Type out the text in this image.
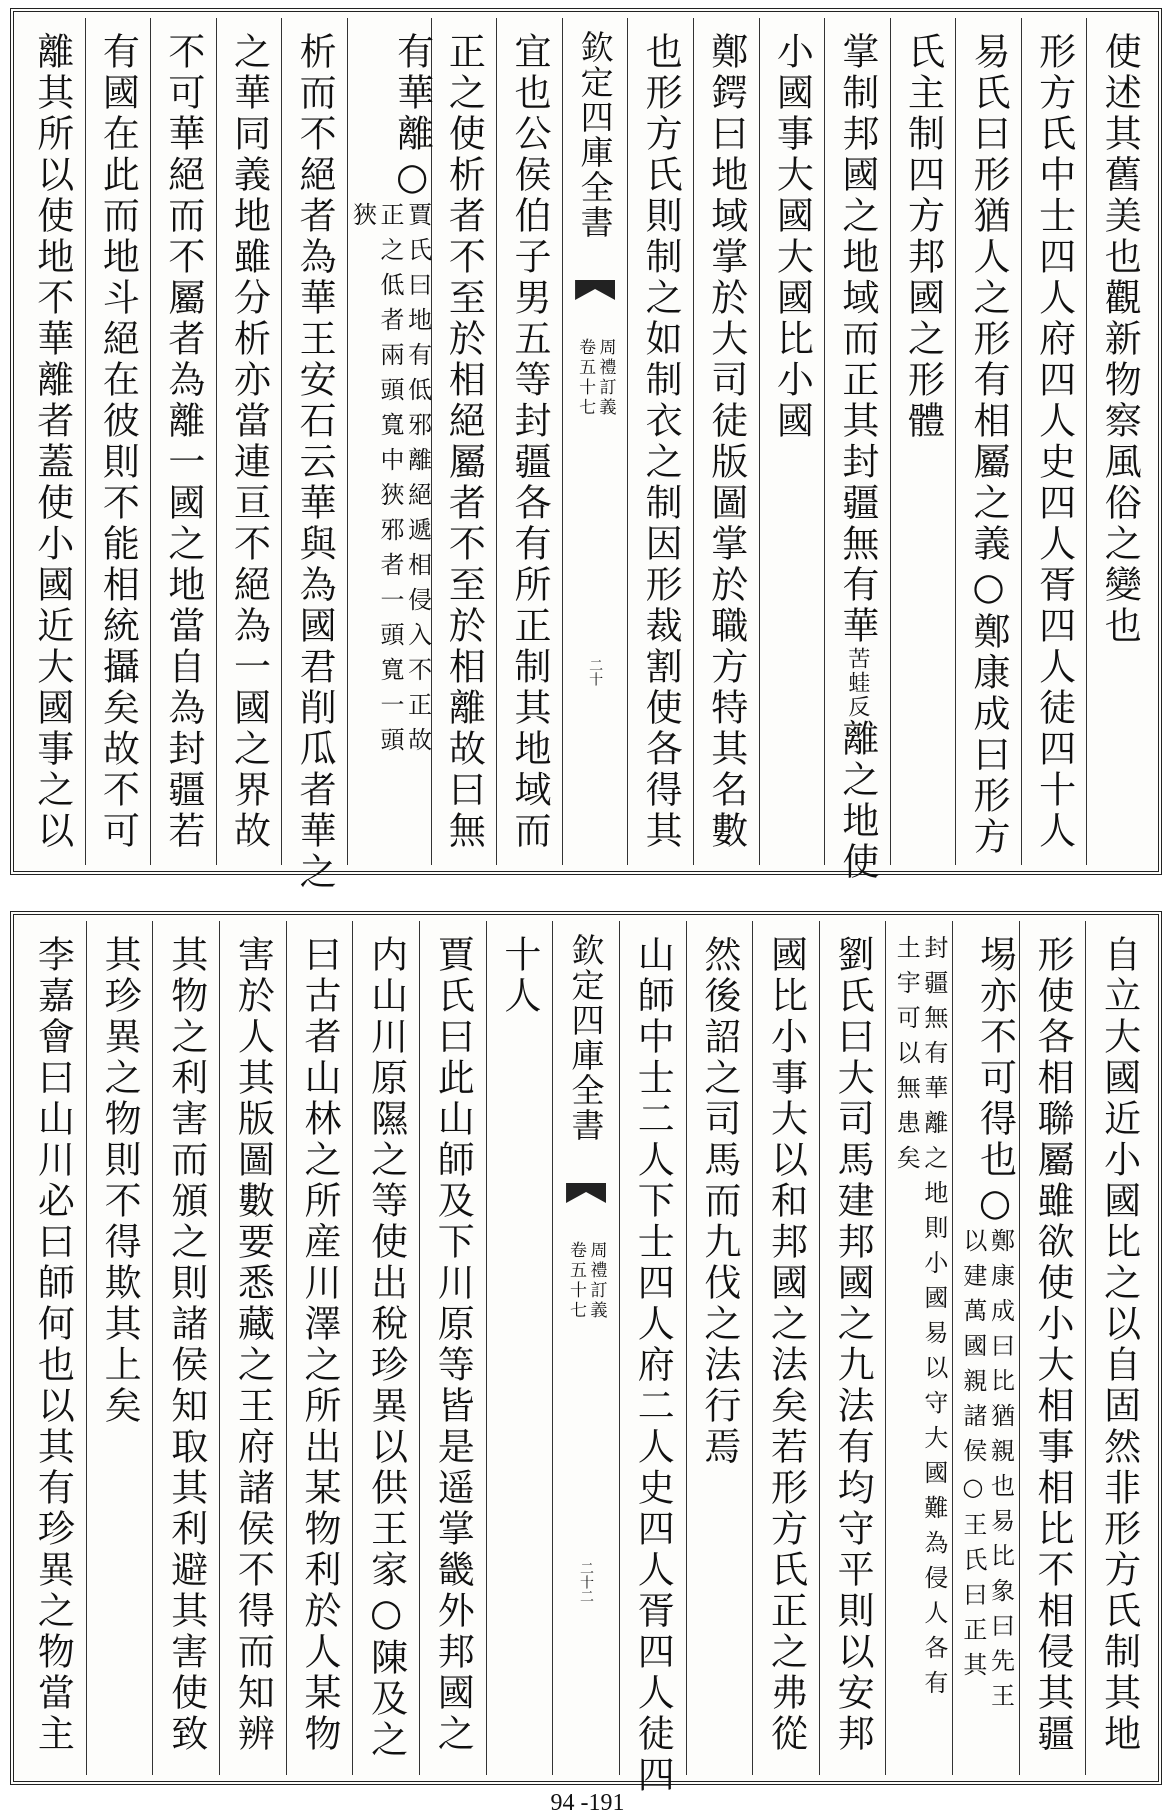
使述其舊美也觀新物察風俗之變也
形方氏中士四人府四人史四人胥四人徒四十人
易氏曰形猶人之形有相屬之義○鄭康成曰形方
氏主制四方邦國之形體
掌制邦國之地域而正其封疆無有華苦蛙反離之地使
小國事大國大國比小國
鄭鍔曰地域掌於大司徒版圖掌於職方特其名數
也形方氏則制之如制衣之制因形裁割使各得其
欽定四庫全書
周禮訂義 卷五十七
二十
宜也公侯伯子男五等封疆各有所正制其地域而
正之使析者不至於相絕屬者不至於相離故曰無
有華離○
賈氏曰地有低邪離絕遞相侵入不正故正之低者兩頭寬中狹邪者一頭寬一頭狹
析而不絕者為華王安石云華與為國君削瓜者華之
之華同義地雖分析亦當連亘不絕為一國之界故
不可華絕而不屬者為離一國之地當自為封疆若
有國在此而地斗絕在彼則不能相統攝矣故不可
離其所以使地不華離者蓋使小國近大國事之以
自立大國近小國比之以自固然非形方氏制其地
形使各相聯屬雖欲使小大相事相比不相侵其疆
埸亦不可得也○
鄭康成曰比猶親也易比象曰先王以建萬國親諸侯○王氏曰正其
封疆無有華離之地則小國易以守大國難為侵人各有土宇可以無患矣
劉氏曰大司馬建邦國之九法有均守平則以安邦
國比小事大以和邦國之法矣若形方氏正之弗從
然後詔之司馬而九伐之法行焉
山師中士二人下士四人府二人史四人胥四人徒四
欽定四庫全書
周禮訂義 卷五十七
二十二
十人
賈氏曰此山師及下川原等皆是遥掌畿外邦國之
内山川原隰之等使出稅珍異以供王家○陳及之
曰古者山林之所産川澤之所出某物利於人某物
害於人其版圖數要悉藏之王府諸侯不得而知辨
其物之利害而頒之則諸侯知取其利避其害使致
其珍異之物則不得欺其上矣
李嘉會曰山川必曰師何也以其有珍異之物當主
94 -191
